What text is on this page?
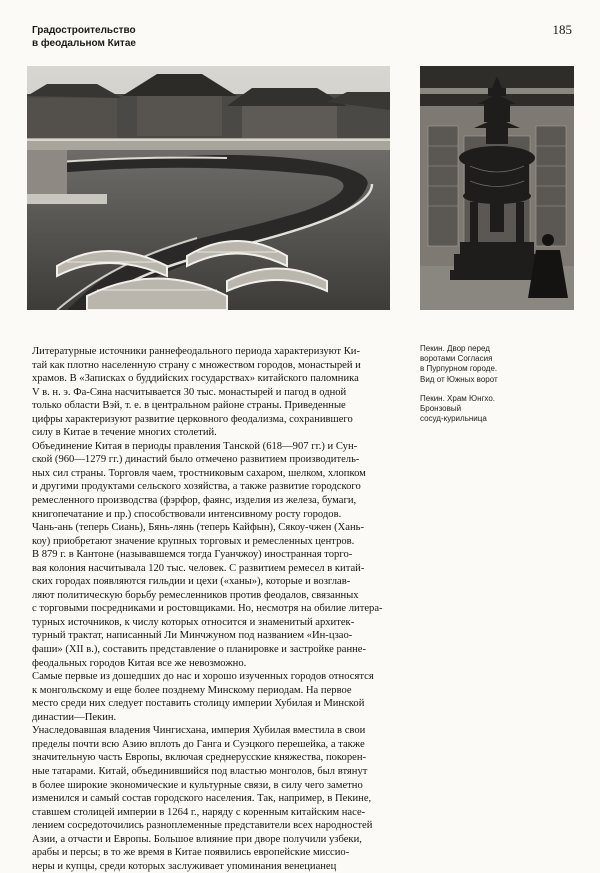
Градостроительство
в феодальном Китае
185
Пекин. Двор перед
воротами Согласия
в Пурпурном городе.
Вид от Южных ворот
Пекин. Храм Юнгхо.
Бронзовый
сосуд-курильница
Литературные источники раннефеодального периода характеризуют Ки-
тай как плотно населенную страну с множеством городов, монастырей и
храмов. В «Записках о буддийских государствах» китайского паломника
V в. н. э. Фа-Сяна насчитывается 30 тыс. монастырей и пагод в одной
только области Вэй, т. е. в центральном районе страны. Приведенные
цифры характеризуют развитие церковного феодализма, сохранившего
силу в Китае в течение многих столетий.
Объединение Китая в периоды правления Танской (618—907 гг.) и Сун-
ской (960—1279 гг.) династий было отмечено развитием производитель-
ных сил страны. Торговля чаем, тростниковым сахаром, шелком, хлопком
и другими продуктами сельского хозяйства, а также развитие городского
ремесленного производства (фэрфор, фаянс, изделия из железа, бумаги,
книгопечатание и пр.) способствовали интенсивному росту городов.
Чань-ань (теперь Сиань), Бянь-лянь (теперь Кайфын), Сякоу-чжен (Хань-
коу) приобретают значение крупных торговых и ремесленных центров.
В 879 г. в Кантоне (называвшемся тогда Гуанчжоу) иностранная торго-
вая колония насчитывала 120 тыс. человек. С развитием ремесел в китай-
ских городах появляются гильдии и цехи («ханы»), которые и возглав-
ляют политическую борьбу ремесленников против феодалов, связанных
с торговыми посредниками и ростовщиками. Но, несмотря на обилие литера-
турных источников, к числу которых относится и знаменитый архитек-
турный трактат, написанный Ли Минчжуном под названием «Ин-цзао-
фаши» (XII в.), составить представление о планировке и застройке ранне-
феодальных городов Китая все же невозможно.
Самые первые из дошедших до нас и хорошо изученных городов относятся
к монгольскому и еще более позднему Минскому периодам. На первое
место среди них следует поставить столицу империи Хубилая и Минской
династии—Пекин.
Унаследовавшая владения Чингисхана, империя Хубилая вместила в свои
пределы почти всю Азию вплоть до Ганга и Суэцкого перешейка, а также
значительную часть Европы, включая среднерусские княжества, покорен-
ные татарами. Китай, объединившийся под властью монголов, был втянут
в более широкие экономические и культурные связи, в силу чего заметно
изменился и самый состав городского населения. Так, например, в Пекине,
ставшем столицей империи в 1264 г., наряду с коренным китайским насе-
лением сосредоточились разноплеменные представители всех народностей
Азии, а отчасти и Европы. Большое влияние при дворе получили узбеки,
арабы и персы; в то же время в Китае появились европейские миссио-
неры и купцы, среди которых заслуживает упоминания венецианец
